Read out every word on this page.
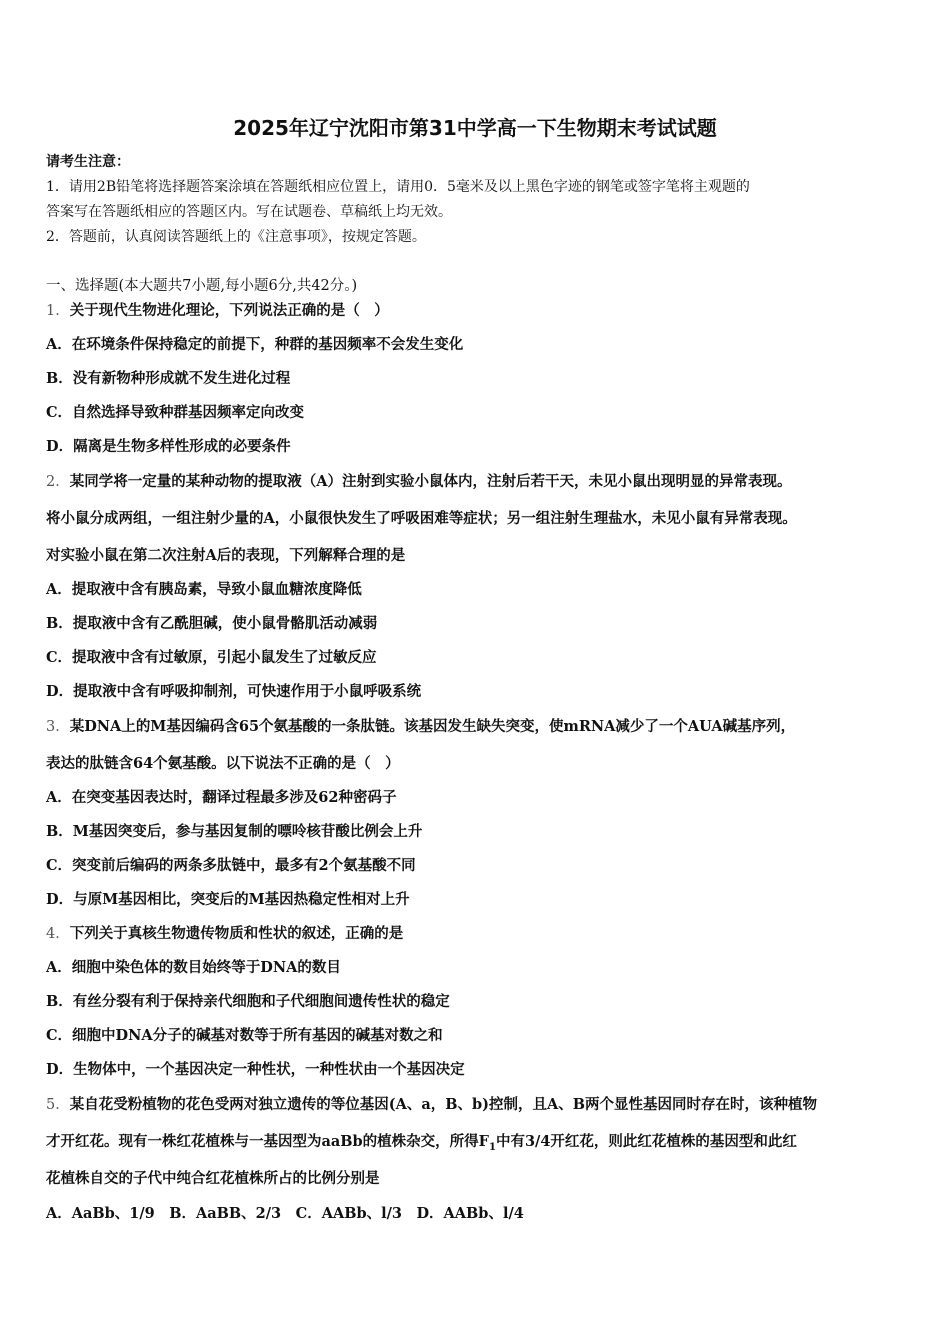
2025年辽宁沈阳市第31中学高一下生物期末考试试题
请考生注意：
1．请用2B铅笔将选择题答案涂填在答题纸相应位置上，请用0．5毫米及以上黑色字迹的钢笔或签字笔将主观题的
答案写在答题纸相应的答题区内。写在试题卷、草稿纸上均无效。
2．答题前，认真阅读答题纸上的《注意事项》，按规定答题。
一、选择题(本大题共7小题,每小题6分,共42分。)
1．关于现代生物进化理论，下列说法正确的是（　）
A．在环境条件保持稳定的前提下，种群的基因频率不会发生变化
B．没有新物种形成就不发生进化过程
C．自然选择导致种群基因频率定向改变
D．隔离是生物多样性形成的必要条件
2．某同学将一定量的某种动物的提取液（A）注射到实验小鼠体内，注射后若干天，未见小鼠出现明显的异常表现。
将小鼠分成两组，一组注射少量的A，小鼠很快发生了呼吸困难等症状；另一组注射生理盐水，未见小鼠有异常表现。
对实验小鼠在第二次注射A后的表现，下列解释合理的是
A．提取液中含有胰岛素，导致小鼠血糖浓度降低
B．提取液中含有乙酰胆碱，使小鼠骨骼肌活动减弱
C．提取液中含有过敏原，引起小鼠发生了过敏反应
D．提取液中含有呼吸抑制剂，可快速作用于小鼠呼吸系统
3．某DNA上的M基因编码含65个氨基酸的一条肽链。该基因发生缺失突变，使mRNA减少了一个AUA碱基序列，
表达的肽链含64个氨基酸。以下说法不正确的是（　）
A．在突变基因表达时，翻译过程最多涉及62种密码子
B．M基因突变后，参与基因复制的嘌呤核苷酸比例会上升
C．突变前后编码的两条多肽链中，最多有2个氨基酸不同
D．与原M基因相比，突变后的M基因热稳定性相对上升
4．下列关于真核生物遗传物质和性状的叙述，正确的是
A．细胞中染色体的数目始终等于DNA的数目
B．有丝分裂有利于保持亲代细胞和子代细胞间遗传性状的稳定
C．细胞中DNA分子的碱基对数等于所有基因的碱基对数之和
D．生物体中，一个基因决定一种性状，一种性状由一个基因决定
5．某自花受粉植物的花色受两对独立遗传的等位基因(A、a，B、b)控制，且A、B两个显性基因同时存在时，该种植物
才开红花。现有一株红花植株与一基因型为aaBb的植株杂交，所得$F_1$中有3/4开红花，则此红花植株的基因型和此红
花植株自交的子代中纯合红花植株所占的比例分别是
A．AaBb、1/9　B．AaBB、2/3　C．AABb、l/3　D．AABb、l/4
